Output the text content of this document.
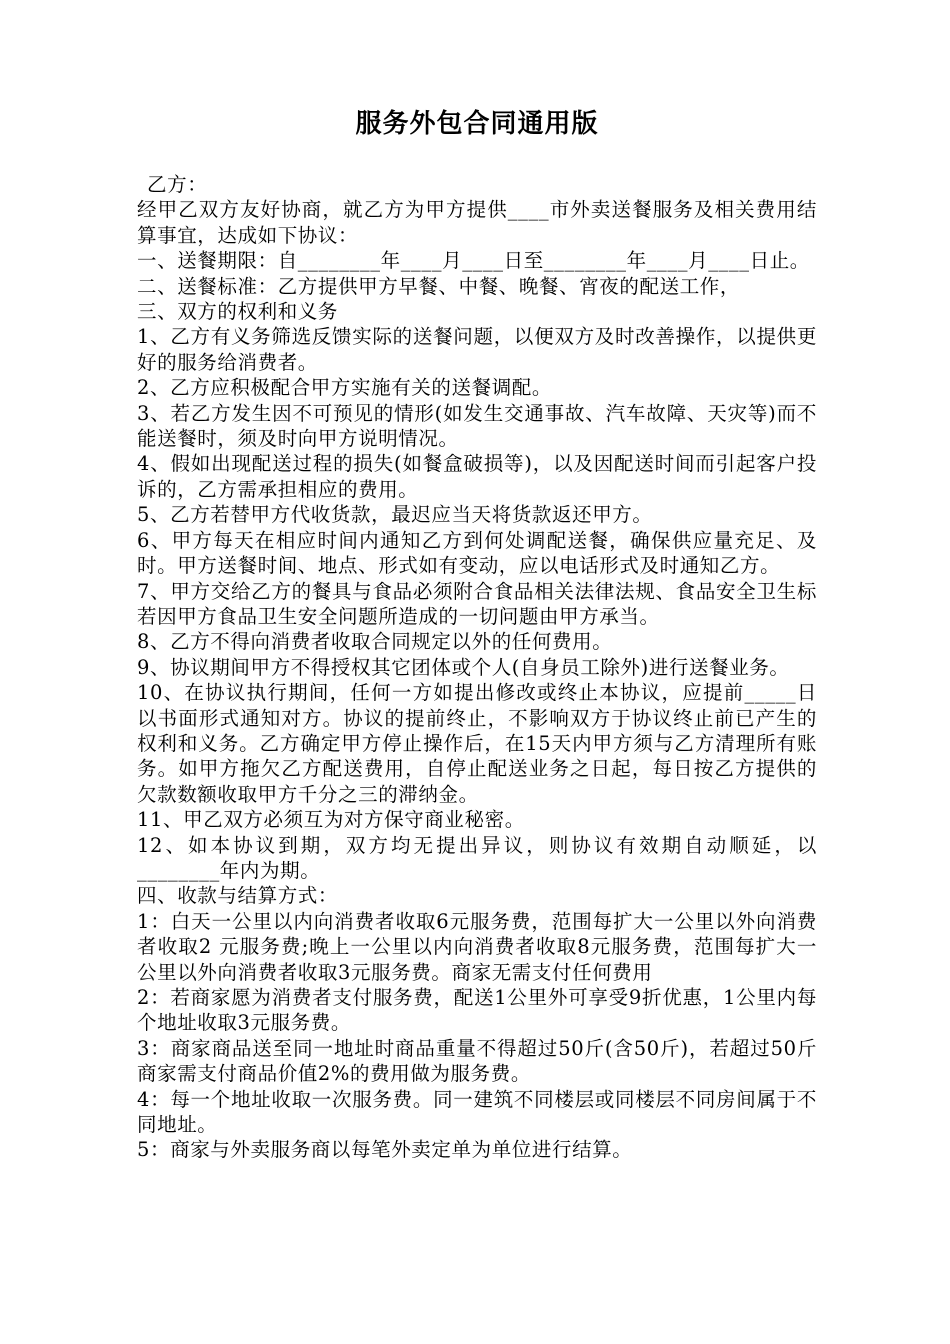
服务外包合同通用版

乙方：

经甲乙双方友好协商，就乙方为甲方提供____市外卖送餐服务及相关费用结算事宜，达成如下协议：

一、送餐期限：自________年____月____日至________年____月____日止。

二、送餐标准：乙方提供甲方早餐、中餐、晚餐、宵夜的配送工作，

三、双方的权利和义务

1、乙方有义务筛选反馈实际的送餐问题，以便双方及时改善操作，以提供更好的服务给消费者。

2、乙方应积极配合甲方实施有关的送餐调配。

3、若乙方发生因不可预见的情形(如发生交通事故、汽车故障、天灾等)而不能送餐时，须及时向甲方说明情况。

4、假如出现配送过程的损失(如餐盒破损等)，以及因配送时间而引起客户投诉的，乙方需承担相应的费用。

5、乙方若替甲方代收货款，最迟应当天将货款返还甲方。

6、甲方每天在相应时间内通知乙方到何处调配送餐，确保供应量充足、及时。甲方送餐时间、地点、形式如有变动，应以电话形式及时通知乙方。

7、甲方交给乙方的餐具与食品必须附合食品相关法律法规、食品安全卫生标若因甲方食品卫生安全问题所造成的一切问题由甲方承当。

8、乙方不得向消费者收取合同规定以外的任何费用。

9、协议期间甲方不得授权其它团体或个人(自身员工除外)进行送餐业务。

10、在协议执行期间，任何一方如提出修改或终止本协议，应提前_____日以书面形式通知对方。协议的提前终止，不影响双方于协议终止前已产生的权利和义务。乙方确定甲方停止操作后，在15天内甲方须与乙方清理所有账务。如甲方拖欠乙方配送费用，自停止配送业务之日起，每日按乙方提供的欠款数额收取甲方千分之三的滞纳金。

11、甲乙双方必须互为对方保守商业秘密。

12、如本协议到期，双方均无提出异议，则协议有效期自动顺延，以________年内为期。

四、收款与结算方式：

1：白天一公里以内向消费者收取6元服务费，范围每扩大一公里以外向消费者收取2 元服务费;晚上一公里以内向消费者收取8元服务费，范围每扩大一公里以外向消费者收取3元服务费。商家无需支付任何费用

2：若商家愿为消费者支付服务费，配送1公里外可享受9折优惠，1公里内每个地址收取3元服务费。

3：商家商品送至同一地址时商品重量不得超过50斤(含50斤)，若超过50斤商家需支付商品价值2%的费用做为服务费。

4：每一个地址收取一次服务费。同一建筑不同楼层或同楼层不同房间属于不同地址。

5：商家与外卖服务商以每笔外卖定单为单位进行结算。
